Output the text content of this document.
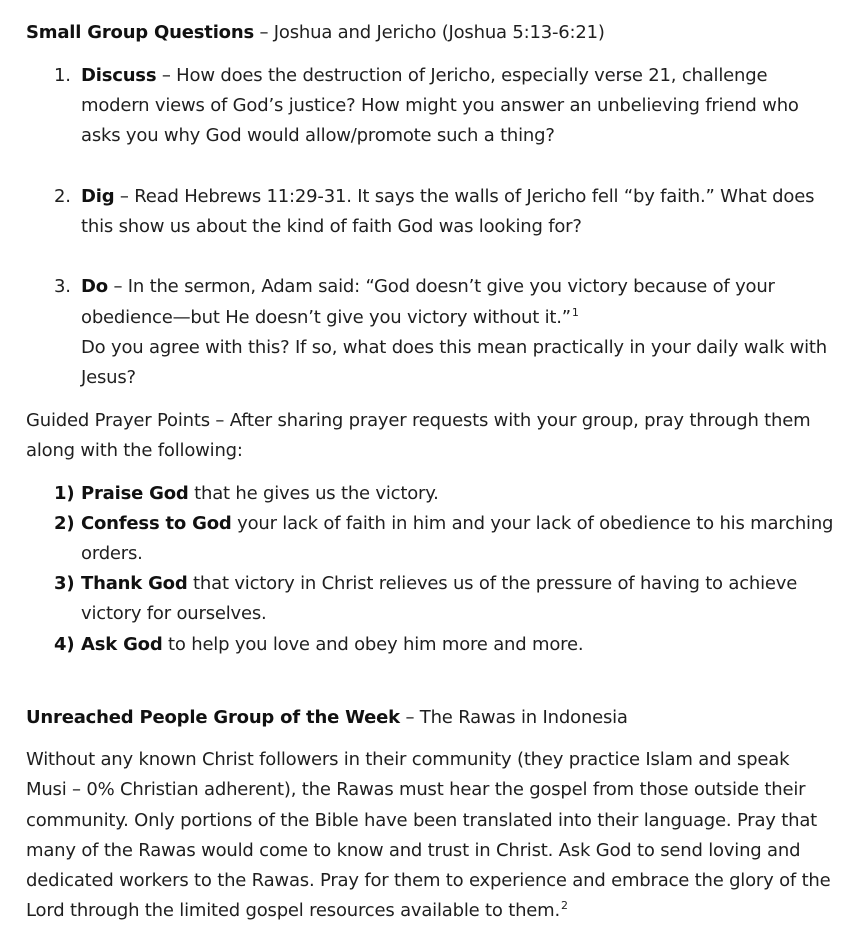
Small Group Questions – Joshua and Jericho (Joshua 5:13-6:21)
1. Discuss – How does the destruction of Jericho, especially verse 21, challenge
modern views of God’s justice? How might you answer an unbelieving friend who
asks you why God would allow/promote such a thing?
2. Dig – Read Hebrews 11:29-31. It says the walls of Jericho fell “by faith.” What does
this show us about the kind of faith God was looking for?
3. Do – In the sermon, Adam said: “God doesn’t give you victory because of your
obedience—but He doesn’t give you victory without it.”$^1$
Do you agree with this? If so, what does this mean practically in your daily walk with
Jesus?
Guided Prayer Points – After sharing prayer requests with your group, pray through them
along with the following:
1) Praise God that he gives us the victory.
2) Confess to God your lack of faith in him and your lack of obedience to his marching
orders.
3) Thank God that victory in Christ relieves us of the pressure of having to achieve
victory for ourselves.
4) Ask God to help you love and obey him more and more.
Unreached People Group of the Week – The Rawas in Indonesia
Without any known Christ followers in their community (they practice Islam and speak
Musi – 0% Christian adherent), the Rawas must hear the gospel from those outside their
community. Only portions of the Bible have been translated into their language. Pray that
many of the Rawas would come to know and trust in Christ. Ask God to send loving and
dedicated workers to the Rawas. Pray for them to experience and embrace the glory of the
Lord through the limited gospel resources available to them.$^2$
